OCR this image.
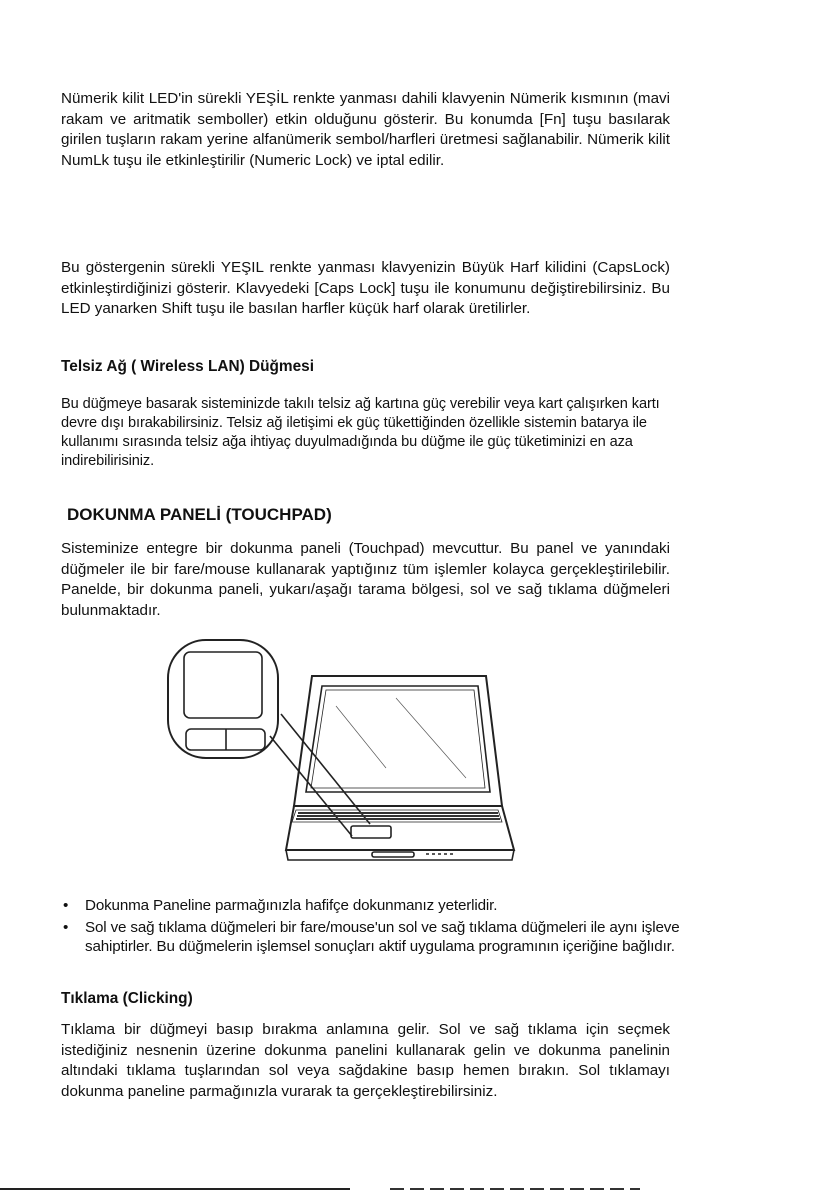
Nümerik kilit LED'in sürekli YEŞİL renkte yanması dahili klavyenin Nümerik kısmının (mavi rakam ve aritmatik semboller) etkin olduğunu gösterir. Bu konumda [Fn] tuşu basılarak girilen tuşların rakam yerine alfanümerik sembol/harfleri üretmesi sağlanabilir. Nümerik kilit NumLk tuşu ile etkinleştirilir (Numeric Lock) ve iptal edilir.

Bu göstergenin sürekli YEŞIL renkte yanması klavyenizin Büyük Harf kilidini (CapsLock) etkinleştirdiğinizi gösterir. Klavyedeki [Caps Lock] tuşu ile konumunu değiştirebilirsiniz. Bu LED yanarken Shift tuşu ile basılan harfler küçük harf olarak üretilirler.

Telsiz Ağ ( Wireless LAN) Düğmesi

Bu düğmeye basarak sisteminizde takılı telsiz ağ kartına güç verebilir veya kart çalışırken kartı devre dışı bırakabilirsiniz. Telsiz ağ iletişimi ek güç tükettiğinden özellikle sistemin batarya ile kullanımı sırasında telsiz ağa ihtiyaç duyulmadığında bu düğme ile güç tüketiminizi en aza indirebilirisiniz.

DOKUNMA PANELİ (TOUCHPAD)

Sisteminize entegre bir dokunma paneli (Touchpad) mevcuttur. Bu panel ve yanındaki düğmeler ile bir fare/mouse kullanarak yaptığınız tüm işlemler kolayca gerçekleştirilebilir. Panelde, bir dokunma paneli, yukarı/aşağı tarama bölgesi, sol ve sağ tıklama düğmeleri bulunmaktadır.

• Dokunma Paneline parmağınızla hafifçe dokunmanız yeterlidir.
• Sol ve sağ tıklama düğmeleri bir fare/mouse'un sol ve sağ tıklama düğmeleri ile aynı işleve sahiptirler. Bu düğmelerin işlemsel sonuçları aktif uygulama programının içeriğine bağlıdır.
Tıklama (Clicking)

Tıklama bir düğmeyi basıp bırakma anlamına gelir. Sol ve sağ tıklama için seçmek istediğiniz nesnenin üzerine dokunma panelini kullanarak gelin ve dokunma panelinin altındaki tıklama tuşlarından sol veya sağdakine basıp hemen bırakın. Sol tıklamayı dokunma paneline parmağınızla vurarak ta gerçekleştirebilirsiniz.
